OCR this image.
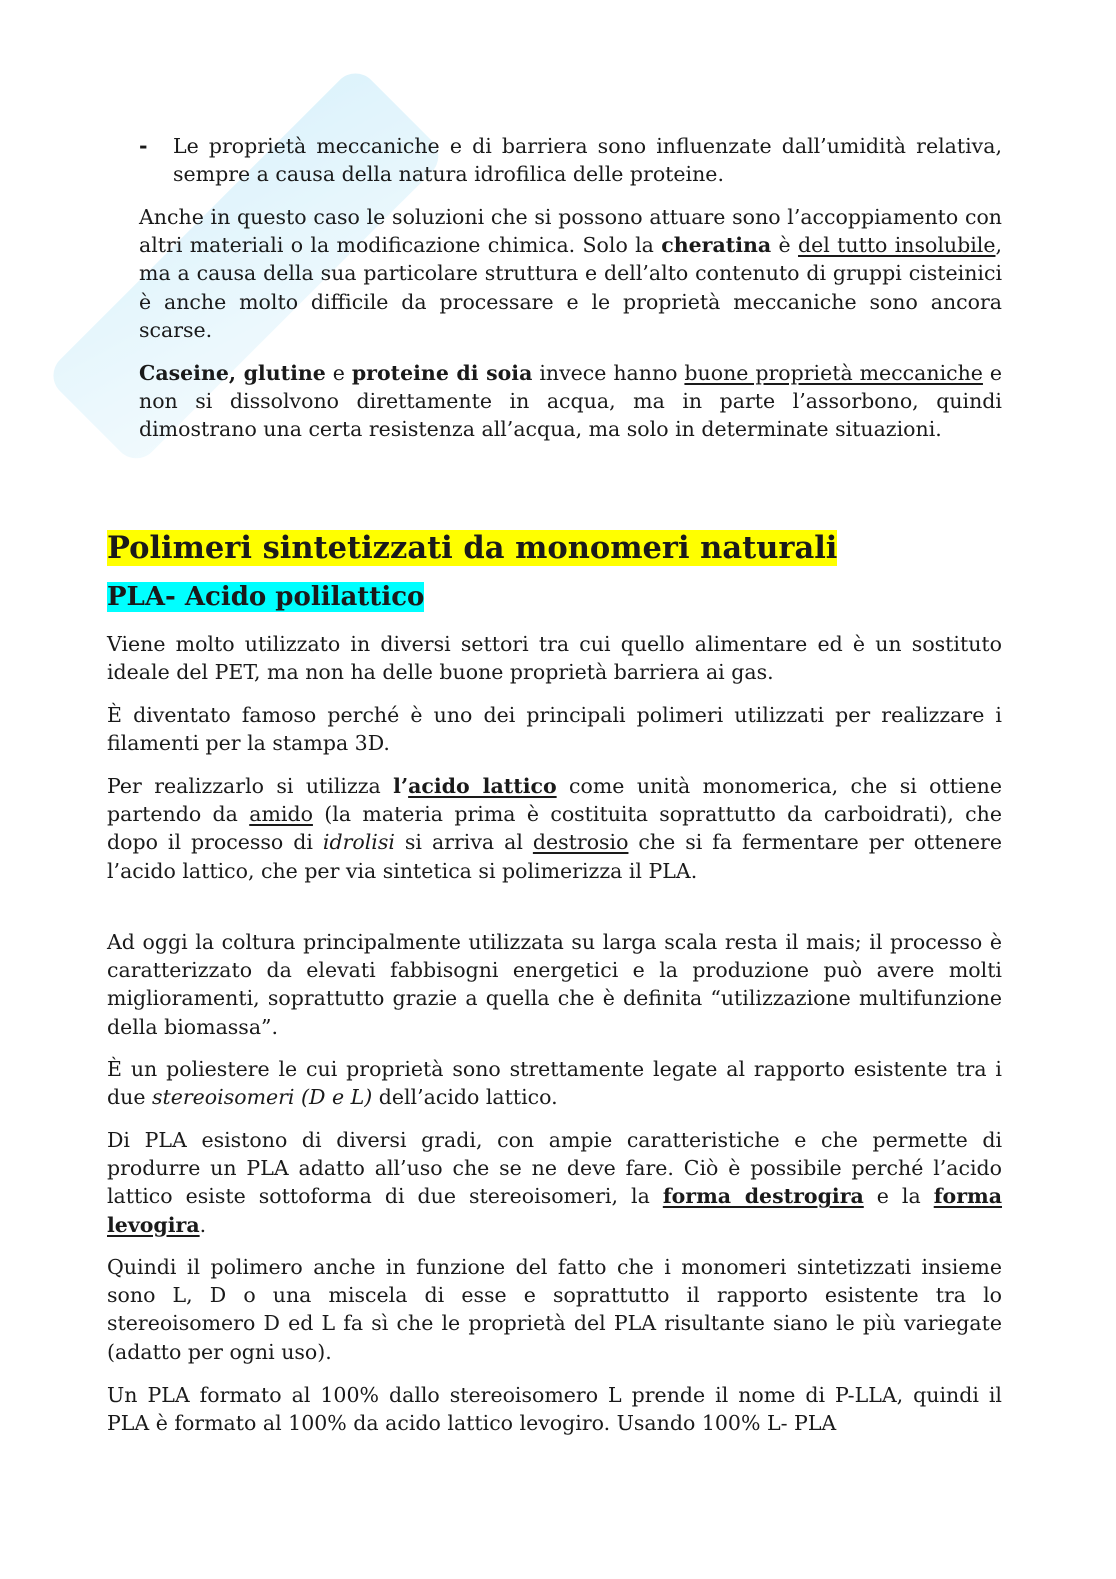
- Le proprietà meccaniche e di barriera sono influenzate dall’umidità relativa, sempre a causa della natura idrofilica delle proteine.

Anche in questo caso le soluzioni che si possono attuare sono l’accoppiamento con altri materiali o la modificazione chimica. Solo la cheratina è del tutto insolubile, ma a causa della sua particolare struttura e dell’alto contenuto di gruppi cisteinici è anche molto difficile da processare e le proprietà meccaniche sono ancora scarse.

Caseine, glutine e proteine di soia invece hanno buone proprietà meccaniche e non si dissolvono direttamente in acqua, ma in parte l’assorbono, quindi dimostrano una certa resistenza all’acqua, ma solo in determinate situazioni.

Polimeri sintetizzati da monomeri naturali
PLA- Acido polilattico

Viene molto utilizzato in diversi settori tra cui quello alimentare ed è un sostituto ideale del PET, ma non ha delle buone proprietà barriera ai gas.

È diventato famoso perché è uno dei principali polimeri utilizzati per realizzare i filamenti per la stampa 3D.

Per realizzarlo si utilizza l’acido lattico come unità monomerica, che si ottiene partendo da amido (la materia prima è costituita soprattutto da carboidrati), che dopo il processo di idrolisi si arriva al destrosio che si fa fermentare per ottenere l’acido lattico, che per via sintetica si polimerizza il PLA.

Ad oggi la coltura principalmente utilizzata su larga scala resta il mais; il processo è caratterizzato da elevati fabbisogni energetici e la produzione può avere molti miglioramenti, soprattutto grazie a quella che è definita “utilizzazione multifunzione della biomassa”.

È un poliestere le cui proprietà sono strettamente legate al rapporto esistente tra i due stereoisomeri (D e L) dell’acido lattico.

Di PLA esistono di diversi gradi, con ampie caratteristiche e che permette di produrre un PLA adatto all’uso che se ne deve fare. Ciò è possibile perché l’acido lattico esiste sottoforma di due stereoisomeri, la forma destrogira e la forma levogira.

Quindi il polimero anche in funzione del fatto che i monomeri sintetizzati insieme sono L, D o una miscela di esse e soprattutto il rapporto esistente tra lo stereoisomero D ed L fa sì che le proprietà del PLA risultante siano le più variegate (adatto per ogni uso).

Un PLA formato al 100% dallo stereoisomero L prende il nome di P-LLA, quindi il PLA è formato al 100% da acido lattico levogiro. Usando 100% L- PLA
